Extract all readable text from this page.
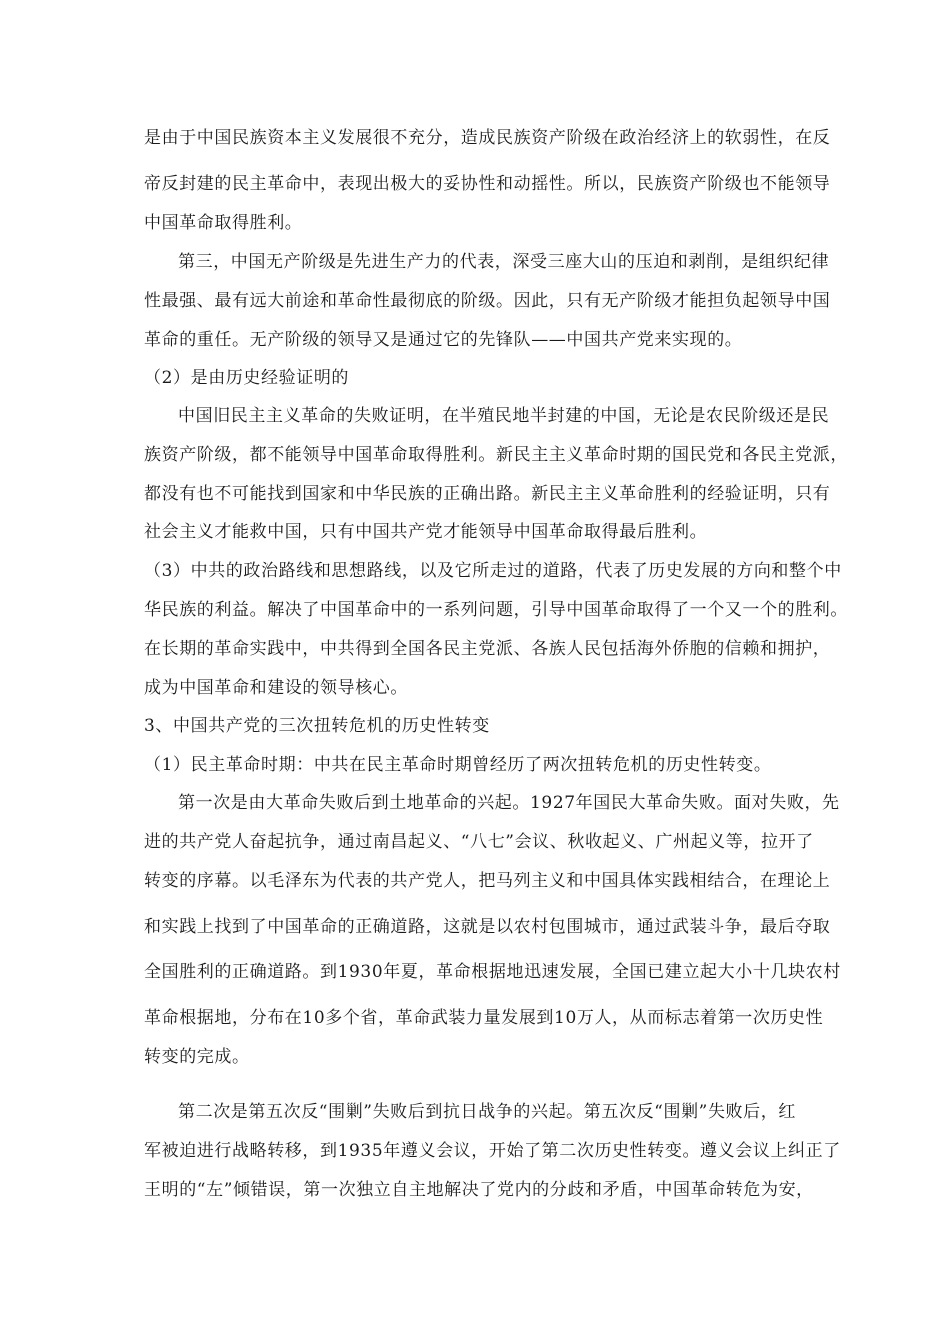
是由于中国民族资本主义发展很不充分，造成民族资产阶级在政治经济上的软弱性，在反

帝反封建的民主革命中，表现出极大的妥协性和动摇性。所以，民族资产阶级也不能领导

中国革命取得胜利。

第三，中国无产阶级是先进生产力的代表，深受三座大山的压迫和剥削，是组织纪律

性最强、最有远大前途和革命性最彻底的阶级。因此，只有无产阶级才能担负起领导中国

革命的重任。无产阶级的领导又是通过它的先锋队——中国共产党来实现的。

（2）是由历史经验证明的

中国旧民主主义革命的失败证明，在半殖民地半封建的中国，无论是农民阶级还是民

族资产阶级，都不能领导中国革命取得胜利。新民主主义革命时期的国民党和各民主党派，

都没有也不可能找到国家和中华民族的正确出路。新民主主义革命胜利的经验证明，只有

社会主义才能救中国，只有中国共产党才能领导中国革命取得最后胜利。

（3）中共的政治路线和思想路线，以及它所走过的道路，代表了历史发展的方向和整个中

华民族的利益。解决了中国革命中的一系列问题，引导中国革命取得了一个又一个的胜利。

在长期的革命实践中，中共得到全国各民主党派、各族人民包括海外侨胞的信赖和拥护，

成为中国革命和建设的领导核心。

3、中国共产党的三次扭转危机的历史性转变

（1）民主革命时期：中共在民主革命时期曾经历了两次扭转危机的历史性转变。

第一次是由大革命失败后到土地革命的兴起。1927年国民大革命失败。面对失败，先

进的共产党人奋起抗争，通过南昌起义、“八七”会议、秋收起义、广州起义等，拉开了

转变的序幕。以毛泽东为代表的共产党人，把马列主义和中国具体实践相结合，在理论上

和实践上找到了中国革命的正确道路，这就是以农村包围城市，通过武装斗争，最后夺取

全国胜利的正确道路。到1930年夏，革命根据地迅速发展，全国已建立起大小十几块农村

革命根据地，分布在10多个省，革命武装力量发展到10万人，从而标志着第一次历史性

转变的完成。

第二次是第五次反“围剿”失败后到抗日战争的兴起。第五次反“围剿”失败后，红

军被迫进行战略转移，到1935年遵义会议，开始了第二次历史性转变。遵义会议上纠正了

王明的“左”倾错误，第一次独立自主地解决了党内的分歧和矛盾，中国革命转危为安，
